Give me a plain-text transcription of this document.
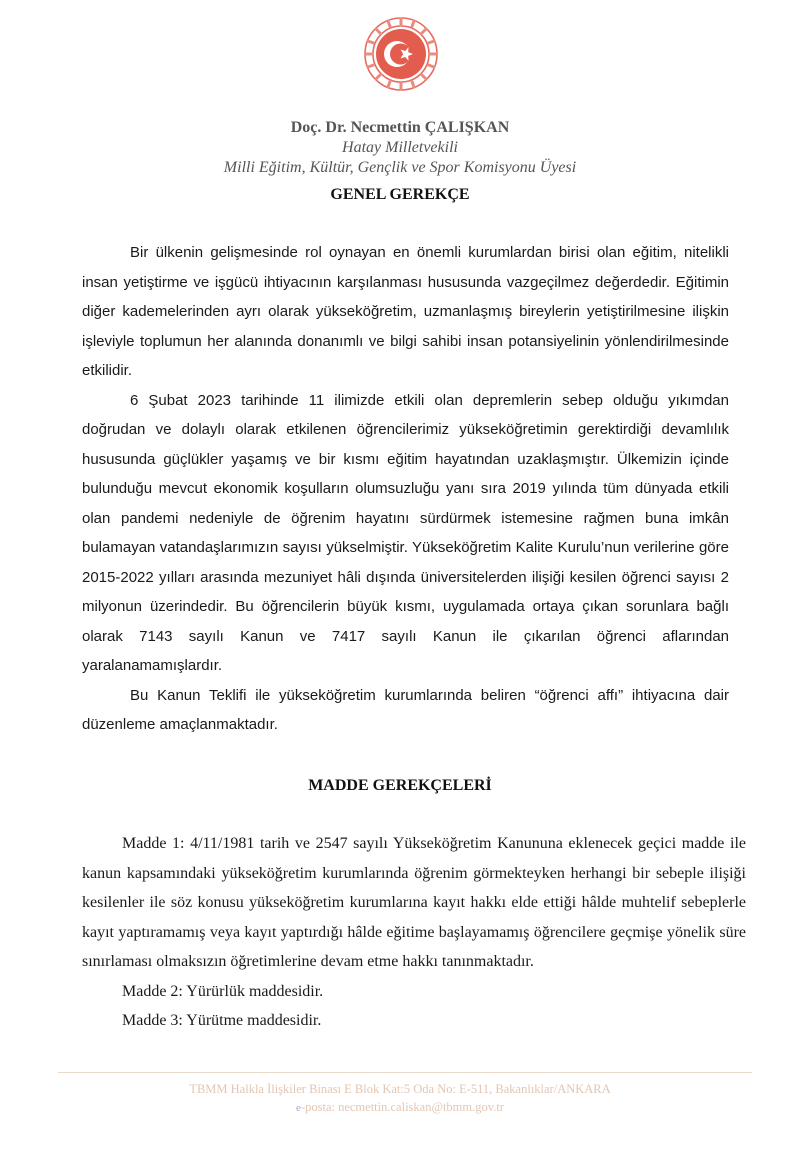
Doç. Dr. Necmettin ÇALIŞKAN
Hatay Milletvekili
Milli Eğitim, Kültür, Gençlik ve Spor Komisyonu Üyesi
GENEL GEREKÇE

Bir ülkenin gelişmesinde rol oynayan en önemli kurumlardan birisi olan eğitim, nitelikli insan yetiştirme ve işgücü ihtiyacının karşılanması hususunda vazgeçilmez değerdedir. Eğitimin diğer kademelerinden ayrı olarak yükseköğretim, uzmanlaşmış bireylerin yetiştirilmesine ilişkin işleviyle toplumun her alanında donanımlı ve bilgi sahibi insan potansiyelinin yönlendirilmesinde etkilidir.

6 Şubat 2023 tarihinde 11 ilimizde etkili olan depremlerin sebep olduğu yıkımdan doğrudan ve dolaylı olarak etkilenen öğrencilerimiz yükseköğretimin gerektirdiği devamlılık hususunda güçlükler yaşamış ve bir kısmı eğitim hayatından uzaklaşmıştır. Ülkemizin içinde bulunduğu mevcut ekonomik koşulların olumsuzluğu yanı sıra 2019 yılında tüm dünyada etkili olan pandemi nedeniyle de öğrenim hayatını sürdürmek istemesine rağmen buna imkân bulamayan vatandaşlarımızın sayısı yükselmiştir. Yükseköğretim Kalite Kurulu’nun verilerine göre 2015-2022 yılları arasında mezuniyet hâli dışında üniversitelerden ilişiği kesilen öğrenci sayısı 2 milyonun üzerindedir. Bu öğrencilerin büyük kısmı, uygulamada ortaya çıkan sorunlara bağlı olarak 7143 sayılı Kanun ve 7417 sayılı Kanun ile çıkarılan öğrenci aflarından yaralanamamışlardır.

Bu Kanun Teklifi ile yükseköğretim kurumlarında beliren “öğrenci affı” ihtiyacına dair düzenleme amaçlanmaktadır.

MADDE GEREKÇELERİ

Madde 1: 4/11/1981 tarih ve 2547 sayılı Yükseköğretim Kanununa eklenecek geçici madde ile kanun kapsamındaki yükseköğretim kurumlarında öğrenim görmekteyken herhangi bir sebeple ilişiği kesilenler ile söz konusu yükseköğretim kurumlarına kayıt hakkı elde ettiği hâlde muhtelif sebeplerle kayıt yaptıramamış veya kayıt yaptırdığı hâlde eğitime başlayamamış öğrencilere geçmişe yönelik süre sınırlaması olmaksızın öğretimlerine devam etme hakkı tanınmaktadır.

Madde 2: Yürürlük maddesidir.

Madde 3: Yürütme maddesidir.

TBMM Halkla İlişkiler Binası E Blok Kat:5 Oda No: E-511, Bakanlıklar/ANKARA
e-posta: necmettin.caliskan@tbmm.gov.tr
